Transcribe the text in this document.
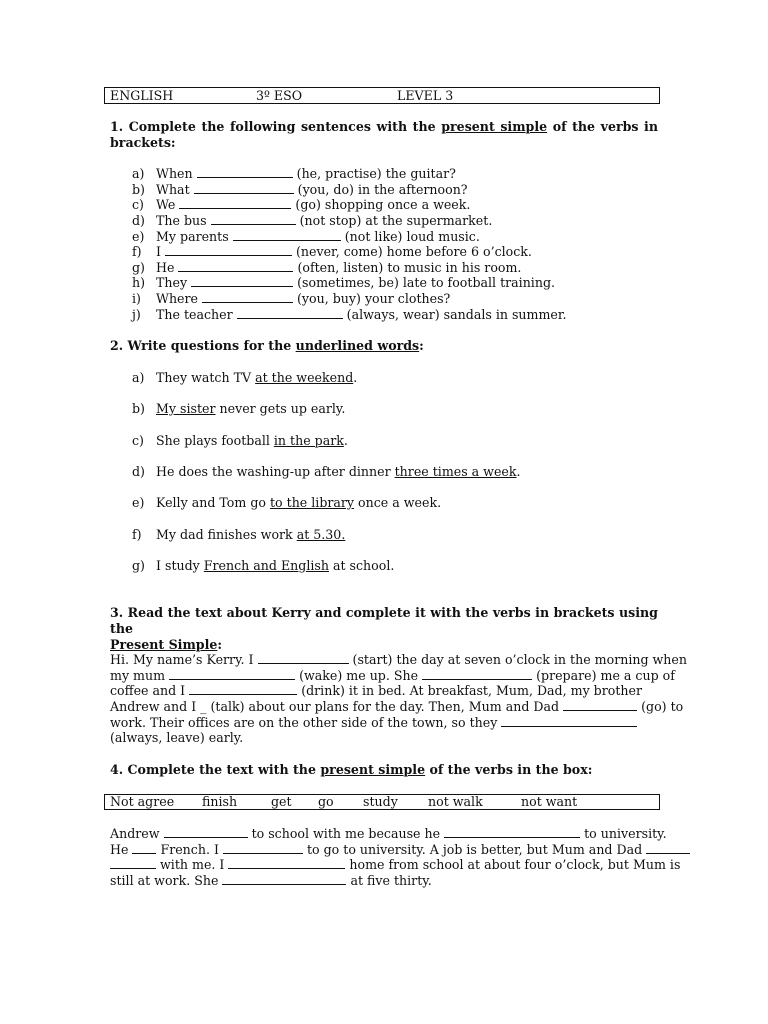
ENGLISH	3º ESO	LEVEL 3
1. Complete the following sentences with the present simple of the verbs in brackets:
a) When	(he, practise) the guitar?
b) What	(you, do) in the afternoon?
c) We	(go) shopping once a week.
d) The bus	(not stop) at the supermarket.
e) My parents	(not like) loud music.
f) I	(never, come) home before 6 o’clock.
g) He	(often, listen) to music in his room.
h) They	(sometimes, be) late to football training.
i) Where	(you, buy) your clothes?
j) The teacher	(always, wear) sandals in summer.
2. Write questions for the underlined words:
a) They watch TV at the weekend.
b) My sister never gets up early.
c) She plays football in the park.
d) He does the washing-up after dinner three times a week.
e) Kelly and Tom go to the library once a week.
f) My dad finishes work at 5.30.
g) I study French and English at school.
3. Read the text about Kerry and complete it with the verbs in brackets using the
Present Simple:
Hi. My name’s Kerry. I	(start) the day at seven o’clock in the morning when
my mum	(wake) me up. She	(prepare) me a cup of
coffee and I	(drink) it in bed. At breakfast, Mum, Dad, my brother
Andrew and I _ (talk) about our plans for the day. Then, Mum and Dad	(go) to
work. Their offices are on the other side of the town, so they
(always, leave) early.
4. Complete the text with the present simple of the verbs in the box:
Not agree finish	get go study not walk	not want
Andrew	to school with me because he	to university.
He	French. I	to go to university. A job is better, but Mum and Dad
with me. I	home from school at about four o’clock, but Mum is
still at work. She	at five thirty.
